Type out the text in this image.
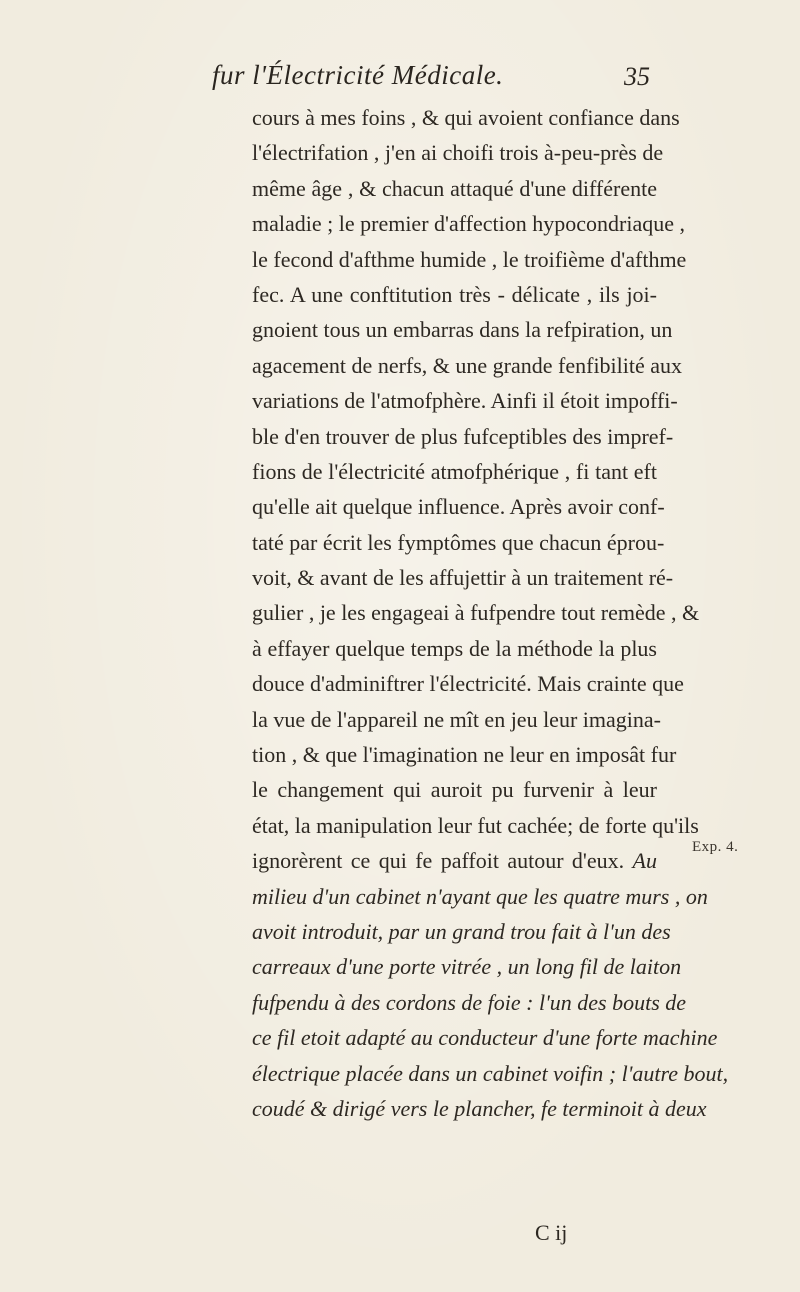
fur l'Électricité Médicale.	35
cours à mes foins , & qui avoient confiance dans
l'électrifation , j'en ai choifi trois à-peu-près de
même âge , & chacun attaqué d'une différente
maladie ; le premier d'affection hypocondriaque ,
le fecond d'afthme humide , le troifième d'afthme
fec. A une conftitution très - délicate , ils joi-
gnoient tous un embarras dans la refpiration, un
agacement de nerfs, & une grande fenfibilité aux
variations de l'atmofphère. Ainfi il étoit impoffi-
ble d'en trouver de plus fufceptibles des impref-
fions de l'électricité atmofphérique , fi tant eft
qu'elle ait quelque influence. Après avoir conf-
taté par écrit les fymptômes que chacun éprou-
voit, & avant de les affujettir à un traitement ré-
gulier , je les engageai à fufpendre tout remède , &
à effayer quelque temps de la méthode la plus
douce d'adminiftrer l'électricité. Mais crainte que
la vue de l'appareil ne mît en jeu leur imagina-
tion , & que l'imagination ne leur en imposât fur
le changement qui auroit pu furvenir à leur
état, la manipulation leur fut cachée; de forte qu'ils
ignorèrent ce qui fe paffoit autour d'eux. Au
milieu d'un cabinet n'ayant que les quatre murs , on
avoit introduit, par un grand trou fait à l'un des
carreaux d'une porte vitrée , un long fil de laiton
fufpendu à des cordons de foie : l'un des bouts de
ce fil etoit adapté au conducteur d'une forte machine
électrique placée dans un cabinet voifin ; l'autre bout,
coudé & dirigé vers le plancher, fe terminoit à deux
Exp. 4.
C ij
